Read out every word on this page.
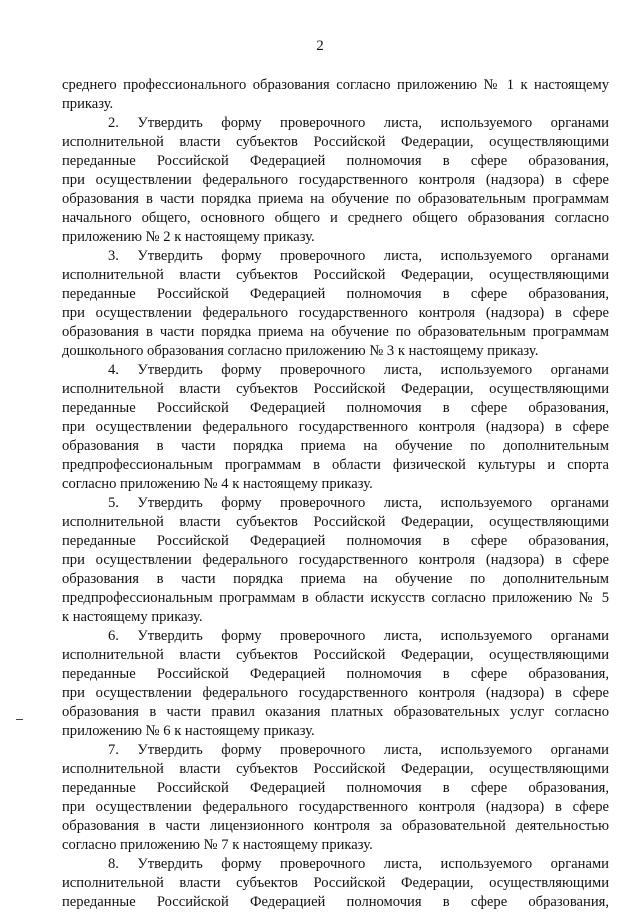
2
среднего профессионального образования согласно приложению № 1 к настоящему
приказу.
2. Утвердить форму проверочного листа, используемого органами
исполнительной власти субъектов Российской Федерации, осуществляющими
переданные Российской Федерацией полномочия в сфере образования,
при осуществлении федерального государственного контроля (надзора) в сфере
образования в части порядка приема на обучение по образовательным программам
начального общего, основного общего и среднего общего образования согласно
приложению № 2 к настоящему приказу.
3. Утвердить форму проверочного листа, используемого органами
исполнительной власти субъектов Российской Федерации, осуществляющими
переданные Российской Федерацией полномочия в сфере образования,
при осуществлении федерального государственного контроля (надзора) в сфере
образования в части порядка приема на обучение по образовательным программам
дошкольного образования согласно приложению № 3 к настоящему приказу.
4. Утвердить форму проверочного листа, используемого органами
исполнительной власти субъектов Российской Федерации, осуществляющими
переданные Российской Федерацией полномочия в сфере образования,
при осуществлении федерального государственного контроля (надзора) в сфере
образования в части порядка приема на обучение по дополнительным
предпрофессиональным программам в области физической культуры и спорта
согласно приложению № 4 к настоящему приказу.
5. Утвердить форму проверочного листа, используемого органами
исполнительной власти субъектов Российской Федерации, осуществляющими
переданные Российской Федерацией полномочия в сфере образования,
при осуществлении федерального государственного контроля (надзора) в сфере
образования в части порядка приема на обучение по дополнительным
предпрофессиональным программам в области искусств согласно приложению № 5
к настоящему приказу.
6. Утвердить форму проверочного листа, используемого органами
исполнительной власти субъектов Российской Федерации, осуществляющими
переданные Российской Федерацией полномочия в сфере образования,
при осуществлении федерального государственного контроля (надзора) в сфере
образования в части правил оказания платных образовательных услуг согласно
приложению № 6 к настоящему приказу.
7. Утвердить форму проверочного листа, используемого органами
исполнительной власти субъектов Российской Федерации, осуществляющими
переданные Российской Федерацией полномочия в сфере образования,
при осуществлении федерального государственного контроля (надзора) в сфере
образования в части лицензионного контроля за образовательной деятельностью
согласно приложению № 7 к настоящему приказу.
8. Утвердить форму проверочного листа, используемого органами
исполнительной власти субъектов Российской Федерации, осуществляющими
переданные Российской Федерацией полномочия в сфере образования,
